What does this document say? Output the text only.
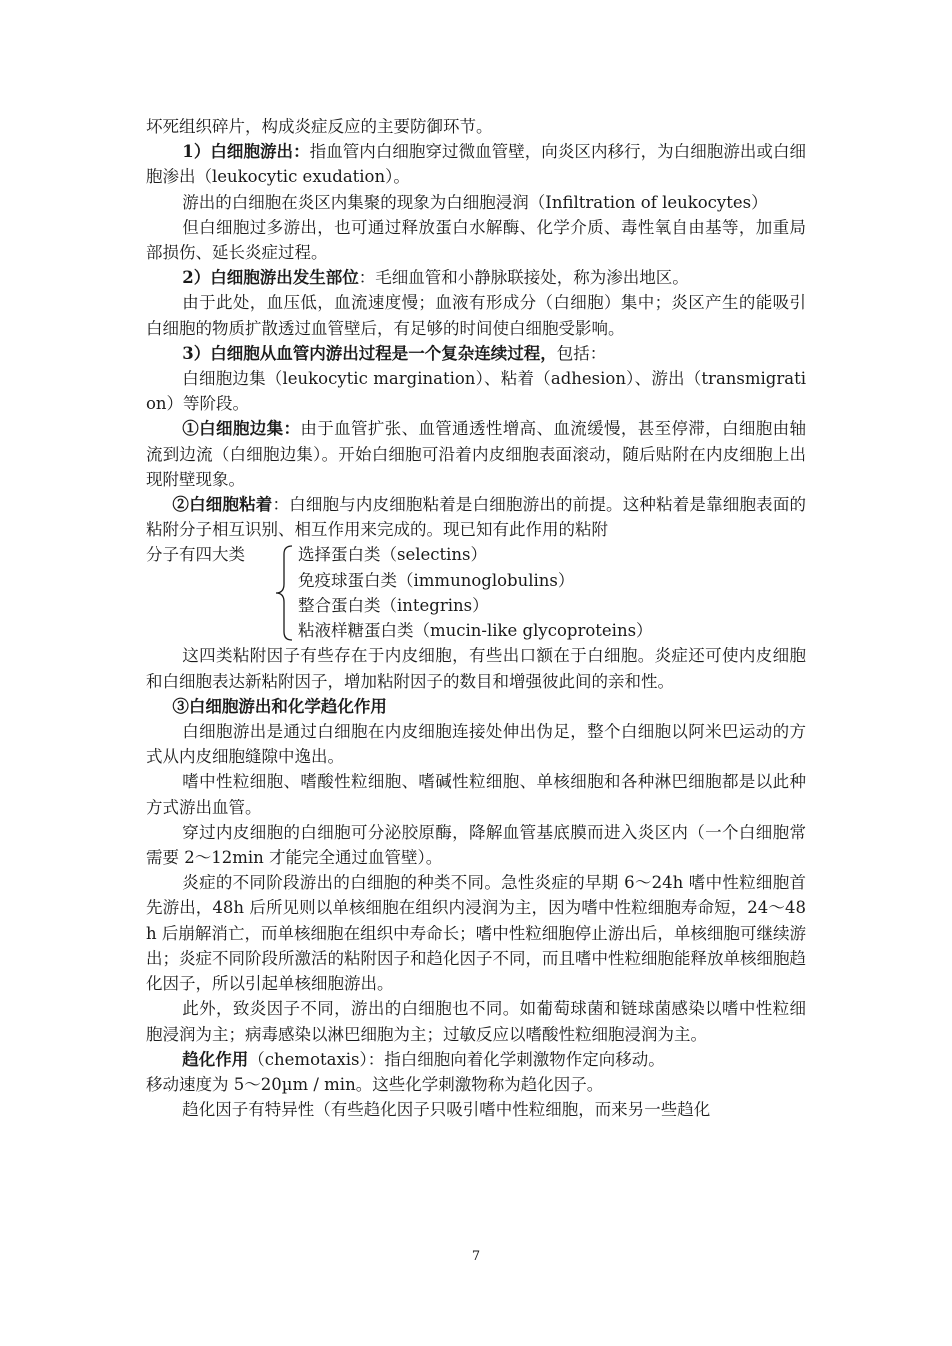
坏死组织碎片，构成炎症反应的主要防御环节。

1）白细胞游出：指血管内白细胞穿过微血管壁，向炎区内移行，为白细胞游出或白细胞渗出（leukocytic exudation）。

游出的白细胞在炎区内集聚的现象为白细胞浸润（Infiltration of leukocytes）

但白细胞过多游出，也可通过释放蛋白水解酶、化学介质、毒性氧自由基等，加重局部损伤、延长炎症过程。

2）白细胞游出发生部位：毛细血管和小静脉联接处，称为渗出地区。

由于此处，血压低，血流速度慢；血液有形成分（白细胞）集中；炎区产生的能吸引白细胞的物质扩散透过血管壁后，有足够的时间使白细胞受影响。

3）白细胞从血管内游出过程是一个复杂连续过程，包括：

白细胞边集（leukocytic margination）、粘着（adhesion）、游出（transmigration）等阶段。

①白细胞边集：由于血管扩张、血管通透性增高、血流缓慢，甚至停滞，白细胞由轴流到边流（白细胞边集）。开始白细胞可沿着内皮细胞表面滚动，随后贴附在内皮细胞上出现附壁现象。

②白细胞粘着：白细胞与内皮细胞粘着是白细胞游出的前提。这种粘着是靠细胞表面的粘附分子相互识别、相互作用来完成的。现已知有此作用的粘附

分子有四大类	选择蛋白类（selectins）
免疫球蛋白类（immunoglobulins）
整合蛋白类（integrins）
粘液样糖蛋白类（mucin-like glycoproteins）

这四类粘附因子有些存在于内皮细胞，有些出口额在于白细胞。炎症还可使内皮细胞和白细胞表达新粘附因子，增加粘附因子的数目和增强彼此间的亲和性。

③白细胞游出和化学趋化作用

白细胞游出是通过白细胞在内皮细胞连接处伸出伪足，整个白细胞以阿米巴运动的方式从内皮细胞缝隙中逸出。

嗜中性粒细胞、嗜酸性粒细胞、嗜碱性粒细胞、单核细胞和各种淋巴细胞都是以此种方式游出血管。

穿过内皮细胞的白细胞可分泌胶原酶，降解血管基底膜而进入炎区内（一个白细胞常需要 2～12min 才能完全通过血管壁）。

炎症的不同阶段游出的白细胞的种类不同。急性炎症的早期 6～24h 嗜中性粒细胞首先游出，48h 后所见则以单核细胞在组织内浸润为主，因为嗜中性粒细胞寿命短，24～48h 后崩解消亡，而单核细胞在组织中寿命长；嗜中性粒细胞停止游出后，单核细胞可继续游出；炎症不同阶段所激活的粘附因子和趋化因子不同，而且嗜中性粒细胞能释放单核细胞趋化因子，所以引起单核细胞游出。

此外，致炎因子不同，游出的白细胞也不同。如葡萄球菌和链球菌感染以嗜中性粒细胞浸润为主；病毒感染以淋巴细胞为主；过敏反应以嗜酸性粒细胞浸润为主。

趋化作用（chemotaxis）：指白细胞向着化学刺激物作定向移动。

移动速度为 5～20µm / min。这些化学刺激物称为趋化因子。

趋化因子有特异性（有些趋化因子只吸引嗜中性粒细胞，而来另一些趋化

7
